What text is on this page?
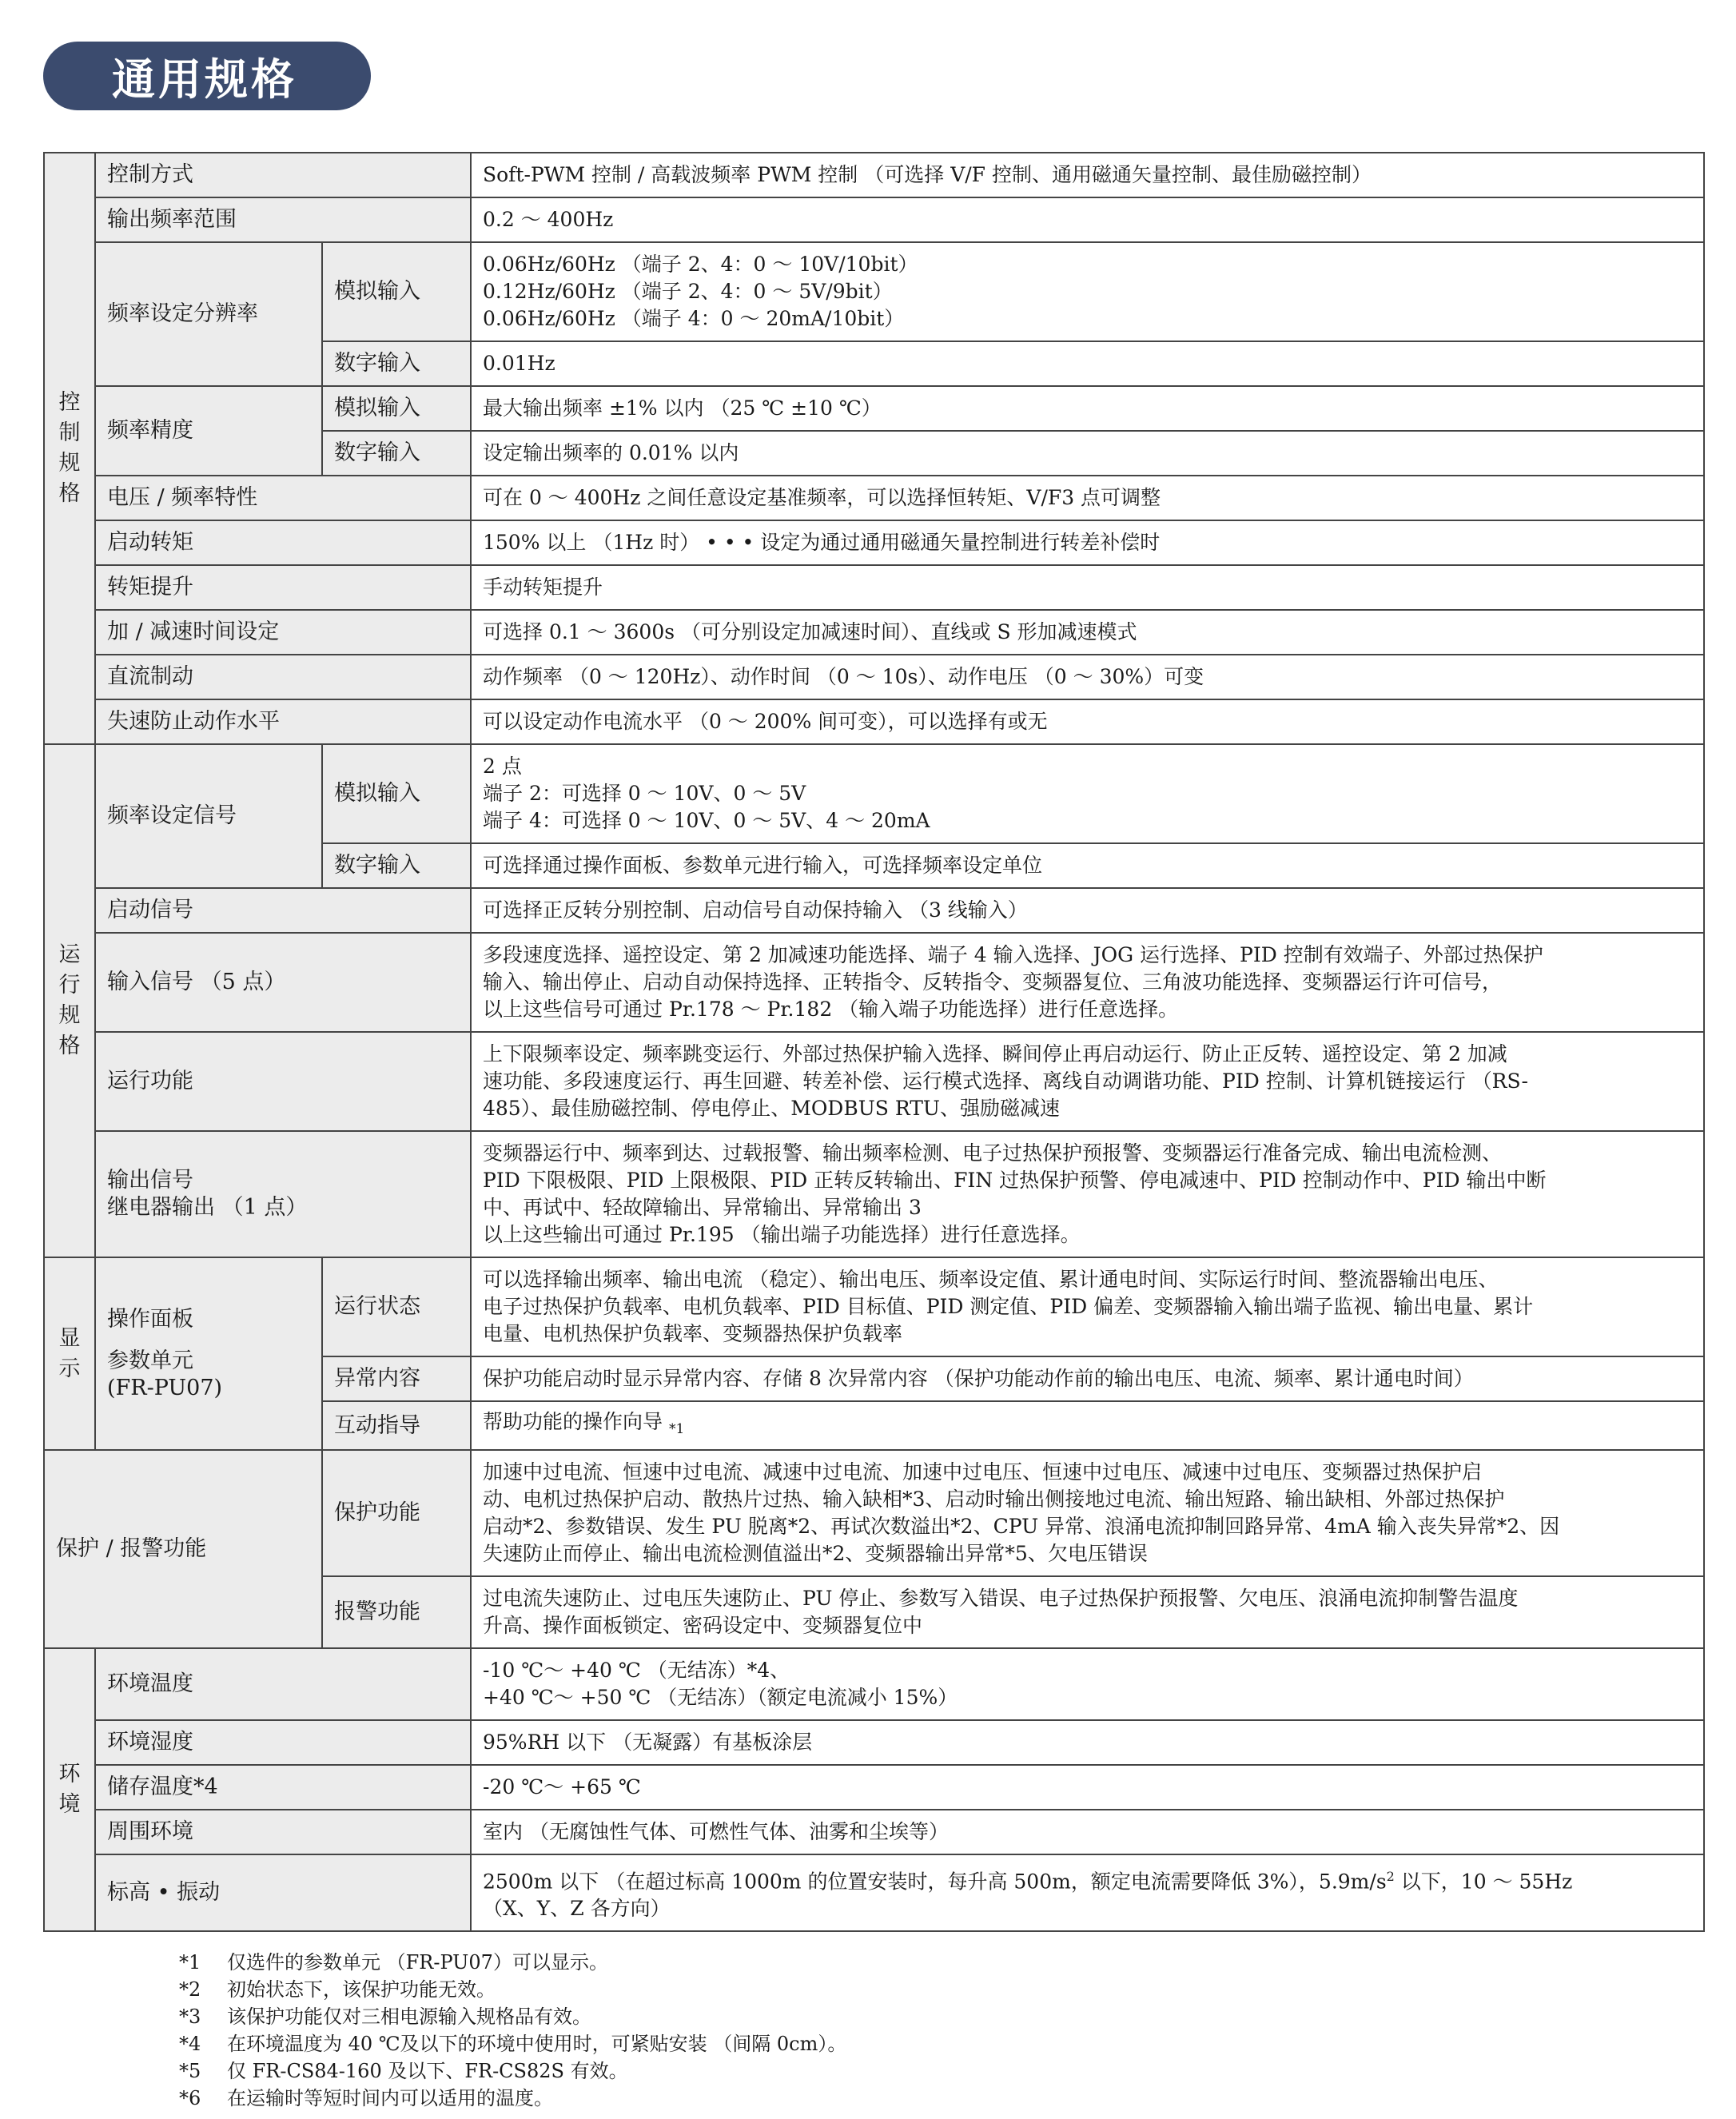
通用规格
控制规格	控制方式		Soft-PWM 控制 / 高载波频率 PWM 控制 （可选择 V/F 控制、通用磁通矢量控制、最佳励磁控制）
	输出频率范围		0.2 ～ 400Hz
	频率设定分辨率	模拟输入	0.06Hz/60Hz （端子 2、4：0 ～ 10V/10bit）
0.12Hz/60Hz （端子 2、4：0 ～ 5V/9bit）
0.06Hz/60Hz （端子 4：0 ～ 20mA/10bit）

		数字输入	0.01Hz
	频率精度	模拟输入	最大输出频率 ±1% 以内 （25 ℃ ±10 ℃）
		数字输入	设定输出频率的 0.01% 以内
	电压 / 频率特性		可在 0 ～ 400Hz 之间任意设定基准频率，可以选择恒转矩、V/F3 点可调整
	启动转矩		150% 以上 （1Hz 时） • • • 设定为通过通用磁通矢量控制进行转差补偿时
	转矩提升		手动转矩提升
	加 / 减速时间设定		可选择 0.1 ～ 3600s （可分别设定加减速时间）、直线或 S 形加减速模式
	直流制动		动作频率 （0 ～ 120Hz）、动作时间 （0 ～ 10s）、动作电压 （0 ～ 30%）可变
	失速防止动作水平		可以设定动作电流水平 （0 ～ 200% 间可变），可以选择有或无

运行规格	频率设定信号	模拟输入	2 点
端子 2：可选择 0 ～ 10V、0 ～ 5V
端子 4：可选择 0 ～ 10V、0 ～ 5V、4 ～ 20mA

		数字输入	可选择通过操作面板、参数单元进行输入，可选择频率设定单位
	启动信号		可选择正反转分别控制、启动信号自动保持输入 （3 线输入）
	输入信号 （5 点）		多段速度选择、遥控设定、第 2 加减速功能选择、端子 4 输入选择、JOG 运行选择、PID 控制有效端子、外部过热保护
输入、输出停止、启动自动保持选择、正转指令、反转指令、变频器复位、三角波功能选择、变频器运行许可信号，
以上这些信号可通过 Pr.178 ～ Pr.182 （输入端子功能选择）进行任意选择。

	运行功能		上下限频率设定、频率跳变运行、外部过热保护输入选择、瞬间停止再启动运行、防止正反转、遥控设定、第 2 加减
速功能、多段速度运行、再生回避、转差补偿、运行模式选择、离线自动调谐功能、PID 控制、计算机链接运行 （RS-
485）、最佳励磁控制、停电停止、MODBUS RTU、强励磁减速

	输出信号
继电器输出 （1 点）		变频器运行中、频率到达、过载报警、输出频率检测、电子过热保护预报警、变频器运行准备完成、输出电流检测、
PID 下限极限、PID 上限极限、PID 正转反转输出、FIN 过热保护预警、停电减速中、PID 控制动作中、PID 输出中断
中、再试中、轻故障输出、异常输出、异常输出 3
以上这些输出可通过 Pr.195 （输出端子功能选择）进行任意选择。

显示	操作面板
参数单元
(FR-PU07)	运行状态	可以选择输出频率、输出电流 （稳定）、输出电压、频率设定值、累计通电时间、实际运行时间、整流器输出电压、
电子过热保护负载率、电机负载率、PID 目标值、PID 测定值、PID 偏差、变频器输入输出端子监视、输出电量、累计
电量、电机热保护负载率、变频器热保护负载率

		异常内容	保护功能启动时显示异常内容、存储 8 次异常内容 （保护功能动作前的输出电压、电流、频率、累计通电时间）
		互动指导	帮助功能的操作向导 $_{*1}$
保护 / 报警功能		保护功能	加速中过电流、恒速中过电流、减速中过电流、加速中过电压、恒速中过电压、减速中过电压、变频器过热保护启
动、电机过热保护启动、散热片过热、输入缺相*3、启动时输出侧接地过电流、输出短路、输出缺相、外部过热保护
启动*2、参数错误、发生 PU 脱离*2、再试次数溢出*2、CPU 异常、浪涌电流抑制回路异常、4mA 输入丧失异常*2、因
失速防止而停止、输出电流检测值溢出*2、变频器输出异常*5、欠电压错误

		报警功能	过电流失速防止、过电压失速防止、PU 停止、参数写入错误、电子过热保护预报警、欠电压、浪涌电流抑制警告温度
升高、操作面板锁定、密码设定中、变频器复位中

环境	环境温度		-10 ℃～ +40 ℃ （无结冻）*4、
+40 ℃～ +50 ℃ （无结冻）（额定电流减小 15%）

	环境湿度		95%RH 以下 （无凝露）有基板涂层
	储存温度*4		-20 ℃～ +65 ℃
	周围环境		室内 （无腐蚀性气体、可燃性气体、油雾和尘埃等）
	标高 • 振动		2500m 以下 （在超过标高 1000m 的位置安装时，每升高 500m，额定电流需要降低 3%），$5.9m/s^2$ 以下，10 ～ 55Hz
（X、Y、Z 各方向）
*1	仅选件的参数单元 （FR-PU07）可以显示。
*2	初始状态下，该保护功能无效。
*3	该保护功能仅对三相电源输入规格品有效。
*4	在环境温度为 40 ℃及以下的环境中使用时，可紧贴安装 （间隔 0cm）。
*5	仅 FR-CS84-160 及以下、FR-CS82S 有效。
*6	在运输时等短时间内可以适用的温度。
